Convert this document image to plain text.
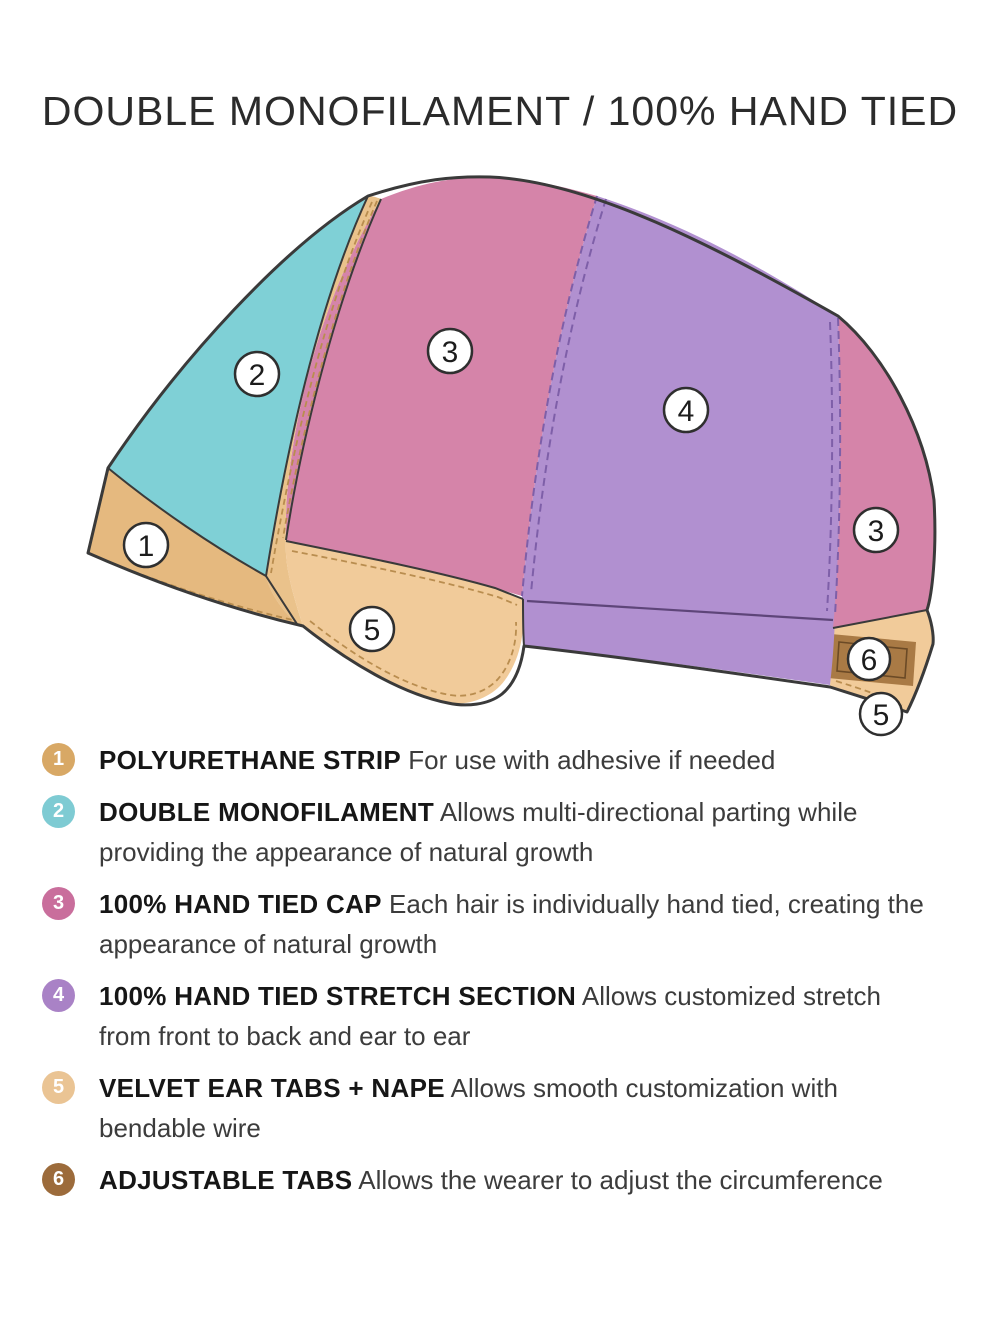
DOUBLE MONOFILAMENT / 100% HAND TIED
1
2
3
4
3
5
6
5
1	POLYURETHANE STRIP For use with adhesive if needed
2	DOUBLE MONOFILAMENT Allows multi-directional parting while providing the appearance of natural growth
3	100% HAND TIED CAP Each hair is individually hand tied, creating the appearance of natural growth
4	100% HAND TIED STRETCH SECTION Allows customized stretch from front to back and ear to ear
5	VELVET EAR TABS + NAPE Allows smooth customization with bendable wire
6	ADJUSTABLE TABS Allows the wearer to adjust the circumference
